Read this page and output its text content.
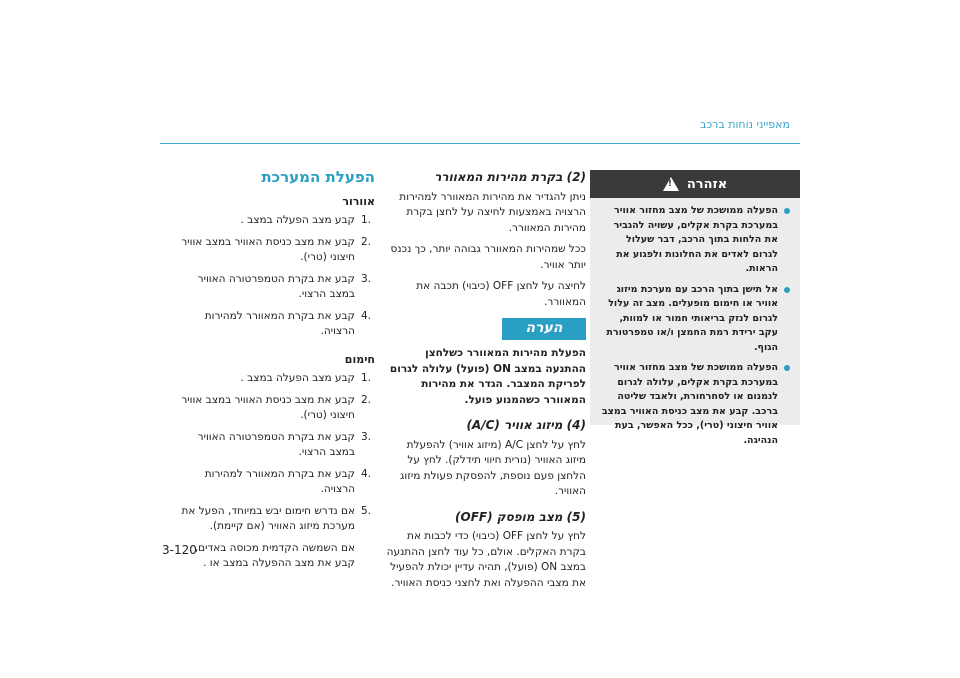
מאפייני נוחות ברכב
הפעלת המערכת
אוורור
1.
קבע מצב הפעלה במצב .
2.
קבע את מצב כניסת האוויר במצב אוויר חיצוני (טרי).
3.
קבע את בקרת הטמפרטורה האוויר במצב הרצוי.
4.
קבע את בקרת המאוורר למהירות הרצויה.
חימום
1.
קבע מצב הפעלה במצב .
2.
קבע את מצב כניסת האוויר במצב אוויר חיצוני (טרי).
3.
קבע את בקרת הטמפרטורה האוויר במצב הרצוי.
4.
קבע את בקרת המאוורר למהירות הרצויה.
5.
אם נדרש חימום יבש במיוחד, הפעל את מערכת מיזוג האוויר (אם קיימת).
אם השמשה הקדמית מכוסה באדים, קבע את מצב ההפעלה במצב או .
(2) בקרת מהירות המאוורר
ניתן להגדיר את מהירות המאוורר למהירות הרצויה באמצעות לחיצה על לחצן בקרת מהירות המאוורר.
ככל שמהירות המאוורר גבוהה יותר, כך נכנס יותר אוויר.
לחיצה על לחצן OFF (כיבוי) תכבה את המאוורר.
הערה
הפעלת מהירות המאוורר כשלחצן ההתנעה במצב ON (פועל) עלולה לגרום לפריקת המצבר. הגדר את מהירות המאוורר כשהמנוע פועל.
(4) מיזוג אוויר (A/C)
לחץ על לחצן A/C (מיזוג אוויר) להפעלת מיזוג האוויר (נורית חיווי תידלק). לחץ על הלחצן פעם נוספת, להפסקת פעולת מיזוג האוויר.
(5) מצב מופסק (OFF)
לחץ על לחצן OFF (כיבוי) כדי לכבות את בקרת האקלים. אולם, כל עוד לחצן ההתנעה במצב ON (פועל), תהיה עדיין יכולת להפעיל את מצבי ההפעלה ואת לחצני כניסת האוויר.
אזהרה
!
הפעלה ממושכת של מצב מחזור אוויר במערכת בקרת אקלים, עשויה להגביר את הלחות בתוך הרכב, דבר שעלול לגרום לאדים את החלונות ולפגוע את הראות.
אל תישן בתוך הרכב עם מערכת מיזוג אוויר או חימום מופעלים. מצב זה עלול לגרום לנזק בריאותי חמור או למוות, עקב ירידת רמת החמצן ו/או טמפרטורת הגוף.
הפעלה ממושכת של מצב מחזור אוויר במערכת בקרת אקלים, עלולה לגרום לנמנום או לסחרחורת, ולאבד שליטה ברכב. קבע את מצב כניסת האוויר במצב אוויר חיצוני (טרי), ככל האפשר, בעת הנהיגה.
3-120
